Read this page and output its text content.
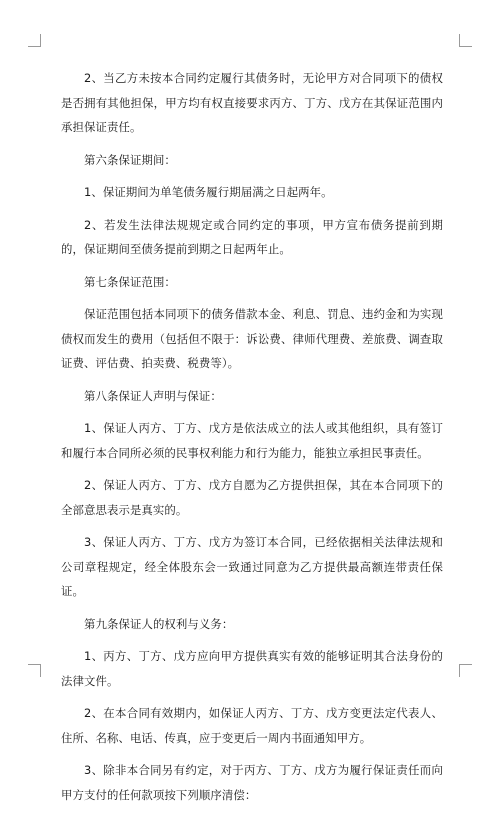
2、当乙方未按本合同约定履行其债务时，无论甲方对合同项下的债权是否拥有其他担保，甲方均有权直接要求丙方、丁方、戊方在其保证范围内承担保证责任。

第六条保证期间：

1、保证期间为单笔债务履行期届满之日起两年。

2、若发生法律法规规定或合同约定的事项，甲方宣布债务提前到期的，保证期间至债务提前到期之日起两年止。

第七条保证范围：

保证范围包括本同项下的债务借款本金、利息、罚息、违约金和为实现债权而发生的费用（包括但不限于：诉讼费、律师代理费、差旅费、调查取证费、评估费、拍卖费、税费等）。

第八条保证人声明与保证：

1、保证人丙方、丁方、戊方是依法成立的法人或其他组织，具有签订和履行本合同所必须的民事权利能力和行为能力，能独立承担民事责任。

2、保证人丙方、丁方、戊方自愿为乙方提供担保，其在本合同项下的全部意思表示是真实的。

3、保证人丙方、丁方、戊方为签订本合同，已经依据相关法律法规和公司章程规定，经全体股东会一致通过同意为乙方提供最高额连带责任保证。

第九条保证人的权利与义务：

1、丙方、丁方、戊方应向甲方提供真实有效的能够证明其合法身份的法律文件。

2、在本合同有效期内，如保证人丙方、丁方、戊方变更法定代表人、住所、名称、电话、传真，应于变更后一周内书面通知甲方。

3、除非本合同另有约定，对于丙方、丁方、戊方为履行保证责任而向甲方支付的任何款项按下列顺序清偿：
